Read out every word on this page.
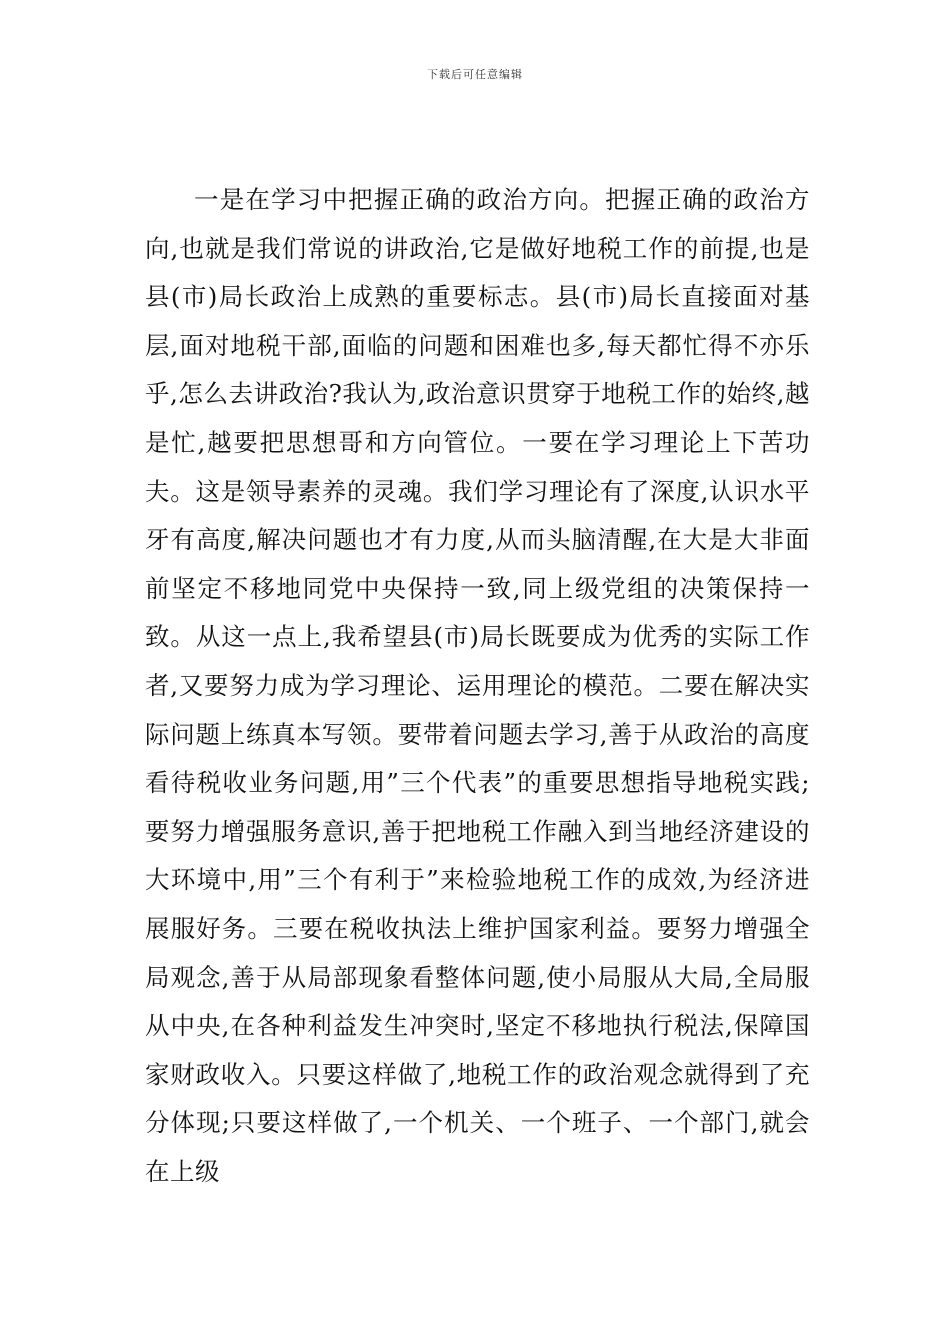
下载后可任意编辑

一是在学习中把握正确的政治方向。把握正确的政治方向,也就是我们常说的讲政治,它是做好地税工作的前提,也是县(市)局长政治上成熟的重要标志。县(市)局长直接面对基层,面对地税干部,面临的问题和困难也多,每天都忙得不亦乐乎,怎么去讲政治?我认为,政治意识贯穿于地税工作的始终,越是忙,越要把思想哥和方向管位。一要在学习理论上下苦功夫。这是领导素养的灵魂。我们学习理论有了深度,认识水平牙有高度,解决问题也才有力度,从而头脑清醒,在大是大非面前坚定不移地同党中央保持一致,同上级党组的决策保持一致。从这一点上,我希望县(市)局长既要成为优秀的实际工作者,又要努力成为学习理论、运用理论的模范。二要在解决实际问题上练真本写领。要带着问题去学习,善于从政治的高度看待税收业务问题,用”三个代表”的重要思想指导地税实践;要努力增强服务意识,善于把地税工作融入到当地经济建设的大环境中,用”三个有利于”来检验地税工作的成效,为经济进展服好务。三要在税收执法上维护国家利益。要努力增强全局观念,善于从局部现象看整体问题,使小局服从大局,全局服从中央,在各种利益发生冲突时,坚定不移地执行税法,保障国家财政收入。只要这样做了,地税工作的政治观念就得到了充分体现;只要这样做了,一个机关、一个班子、一个部门,就会在上级
